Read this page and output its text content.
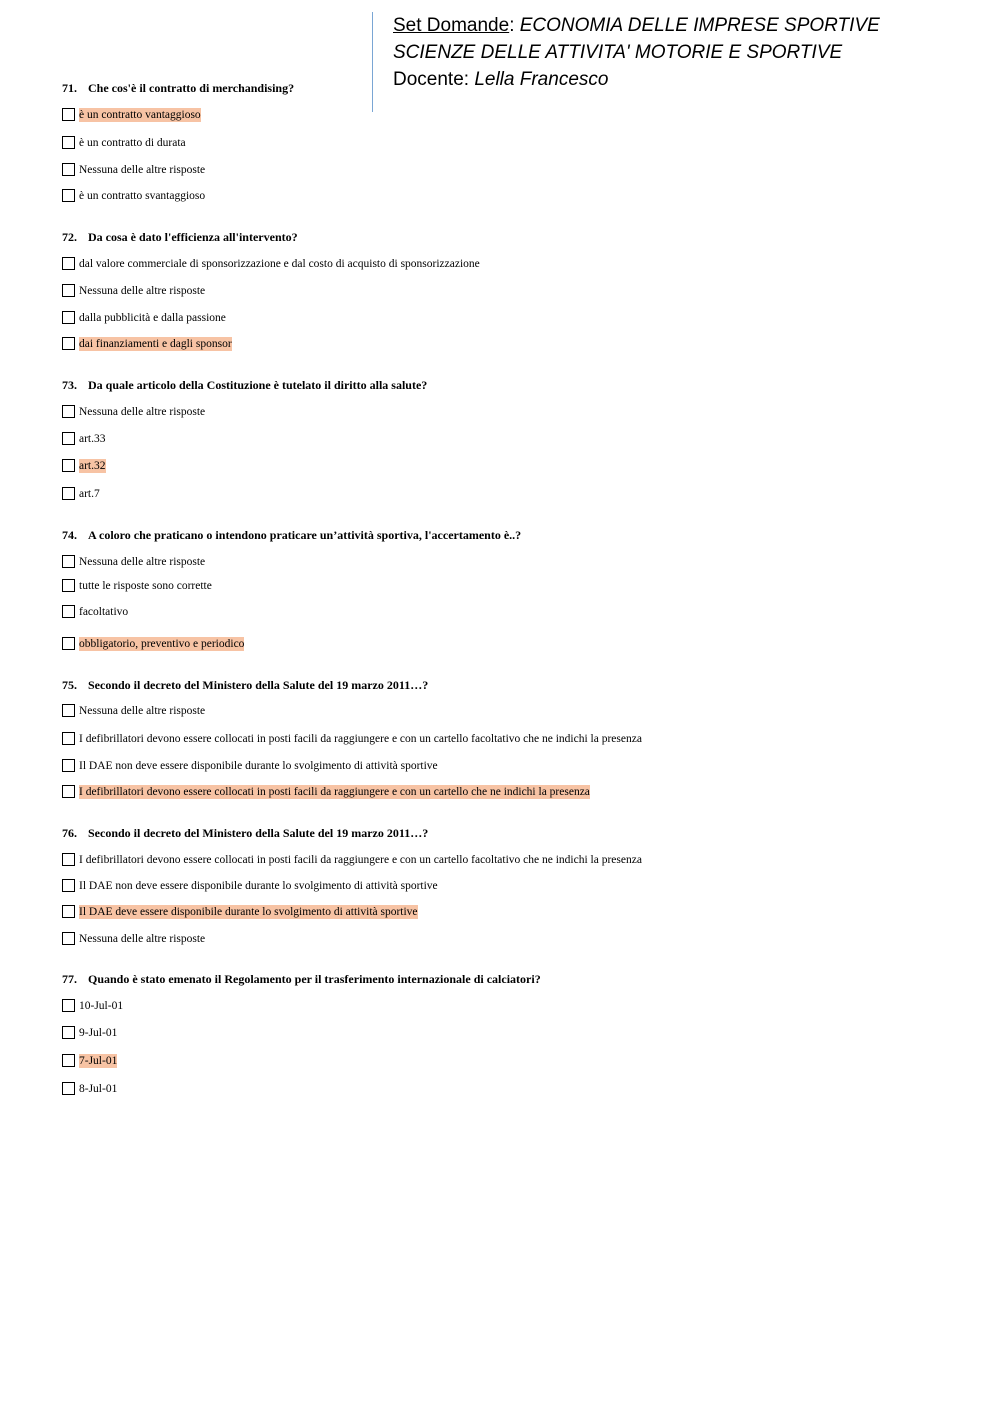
Set Domande: ECONOMIA DELLE IMPRESE SPORTIVE
SCIENZE DELLE ATTIVITA' MOTORIE E SPORTIVE
Docente: Lella Francesco
71. Che cos'è il contratto di merchandising?
è un contratto vantaggioso
è un contratto di durata
Nessuna delle altre risposte
è un contratto svantaggioso
72. Da cosa è dato l'efficienza all'intervento?
dal valore commerciale di sponsorizzazione e dal costo di acquisto di sponsorizzazione
Nessuna delle altre risposte
dalla pubblicità e dalla passione
dai finanziamenti e dagli sponsor
73. Da quale articolo della Costituzione è tutelato il diritto alla salute?
Nessuna delle altre risposte
art.33
art.32
art.7
74. A coloro che praticano o intendono praticare un’attività sportiva, l'accertamento è..?
Nessuna delle altre risposte
tutte le risposte sono corrette
facoltativo
obbligatorio, preventivo e periodico
75. Secondo il decreto del Ministero della Salute del 19 marzo 2011…?
Nessuna delle altre risposte
I defibrillatori devono essere collocati in posti facili da raggiungere e con un cartello facoltativo che ne indichi la presenza
Il DAE non deve essere disponibile durante lo svolgimento di attività sportive
I defibrillatori devono essere collocati in posti facili da raggiungere e con un cartello che ne indichi la presenza
76. Secondo il decreto del Ministero della Salute del 19 marzo 2011…?
I defibrillatori devono essere collocati in posti facili da raggiungere e con un cartello facoltativo che ne indichi la presenza
Il DAE non deve essere disponibile durante lo svolgimento di attività sportive
Il DAE deve essere disponibile durante lo svolgimento di attività sportive
Nessuna delle altre risposte
77. Quando è stato emenato il Regolamento per il trasferimento internazionale di calciatori?
10-Jul-01
9-Jul-01
7-Jul-01
8-Jul-01
